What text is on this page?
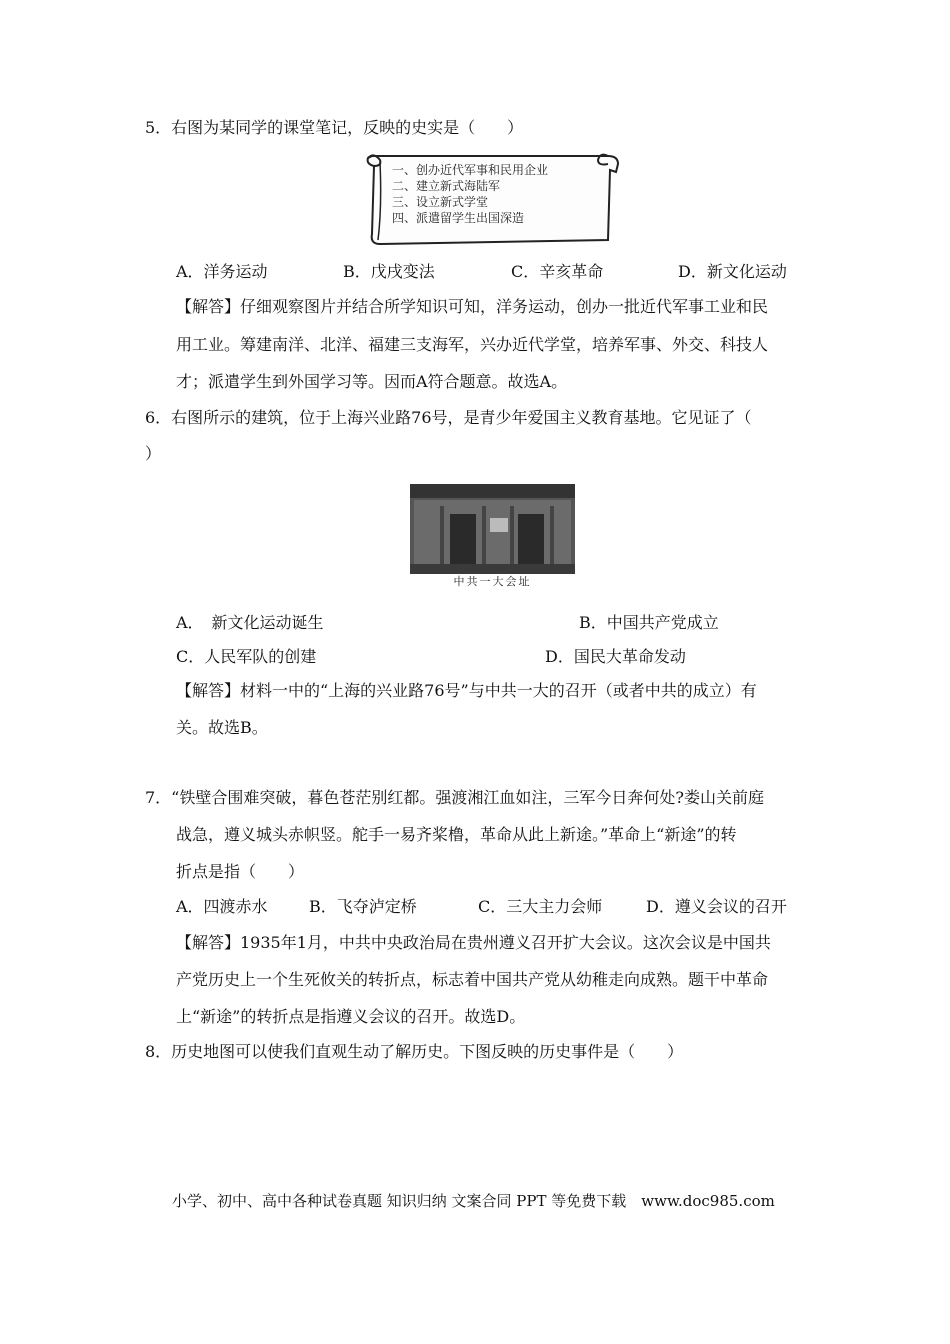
5．右图为某同学的课堂笔记，反映的史实是（　　）
一、创办近代军事和民用企业
二、建立新式海陆军
三、设立新式学堂
四、派遣留学生出国深造
A．洋务运动	B．戊戌变法	C．辛亥革命	D．新文化运动
【解答】仔细观察图片并结合所学知识可知，洋务运动，创办一批近代军事工业和民
用工业。筹建南洋、北洋、福建三支海军，兴办近代学堂，培养军事、外交、科技人
才；派遣学生到外国学习等。因而A符合题意。故选A。
6．右图所示的建筑，位于上海兴业路76号，是青少年爱国主义教育基地。它见证了（
）
中共一大会址
A．　新文化运动诞生	B．中国共产党成立
C．人民军队的创建	D．国民大革命发动
【解答】材料一中的“上海的兴业路76号”与中共一大的召开（或者中共的成立）有
关。故选B。
7．“铁壁合围难突破，暮色苍茫别红都。强渡湘江血如注，三军今日奔何处?娄山关前庭
战急，遵义城头赤帜竖。舵手一易齐桨橹，革命从此上新途。”革命上“新途”的转
折点是指（　　）
A．四渡赤水	B．飞夺泸定桥	C．三大主力会师	D．遵义会议的召开
【解答】1935年1月，中共中央政治局在贵州遵义召开扩大会议。这次会议是中国共
产党历史上一个生死攸关的转折点，标志着中国共产党从幼稚走向成熟。题干中革命
上“新途”的转折点是指遵义会议的召开。故选D。
8．历史地图可以使我们直观生动了解历史。下图反映的历史事件是（　　）
小学、初中、高中各种试卷真题 知识归纳 文案合同 PPT 等免费下载　www.doc985.com
